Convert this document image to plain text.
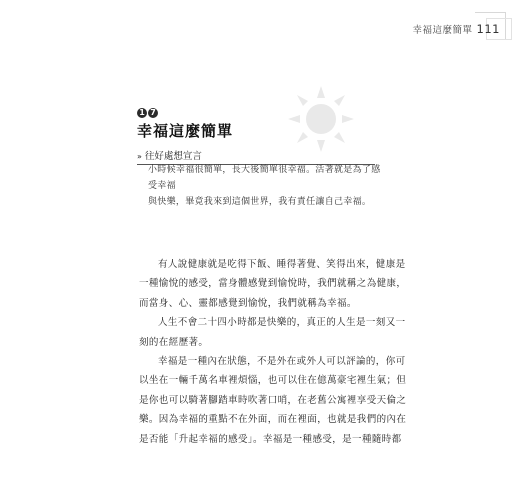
幸福這麼簡單 111
1 7
幸福這麼簡單
» 往好處想宣言

小時候幸福很簡單，長大後簡單很幸福。活著就是為了感受幸福

與快樂，畢竟我來到這個世界，我有責任讓自己幸福。

有人說健康就是吃得下飯、睡得著覺、笑得出來，健康是
一種愉悅的感受，當身體感覺到愉悅時，我們就稱之為健康，
而當身、心、靈都感覺到愉悅，我們就稱為幸福。
人生不會二十四小時都是快樂的，真正的人生是一刻又一
刻的在經歷著。
幸福是一種內在狀態，不是外在或外人可以評論的，你可
以坐在一輛千萬名車裡煩惱，也可以住在億萬豪宅裡生氣；但
是你也可以騎著腳踏車時吹著口哨，在老舊公寓裡享受天倫之
樂。因為幸福的重點不在外面，而在裡面，也就是我們的內在
是否能「升起幸福的感受」。幸福是一種感受，是一種隨時都
